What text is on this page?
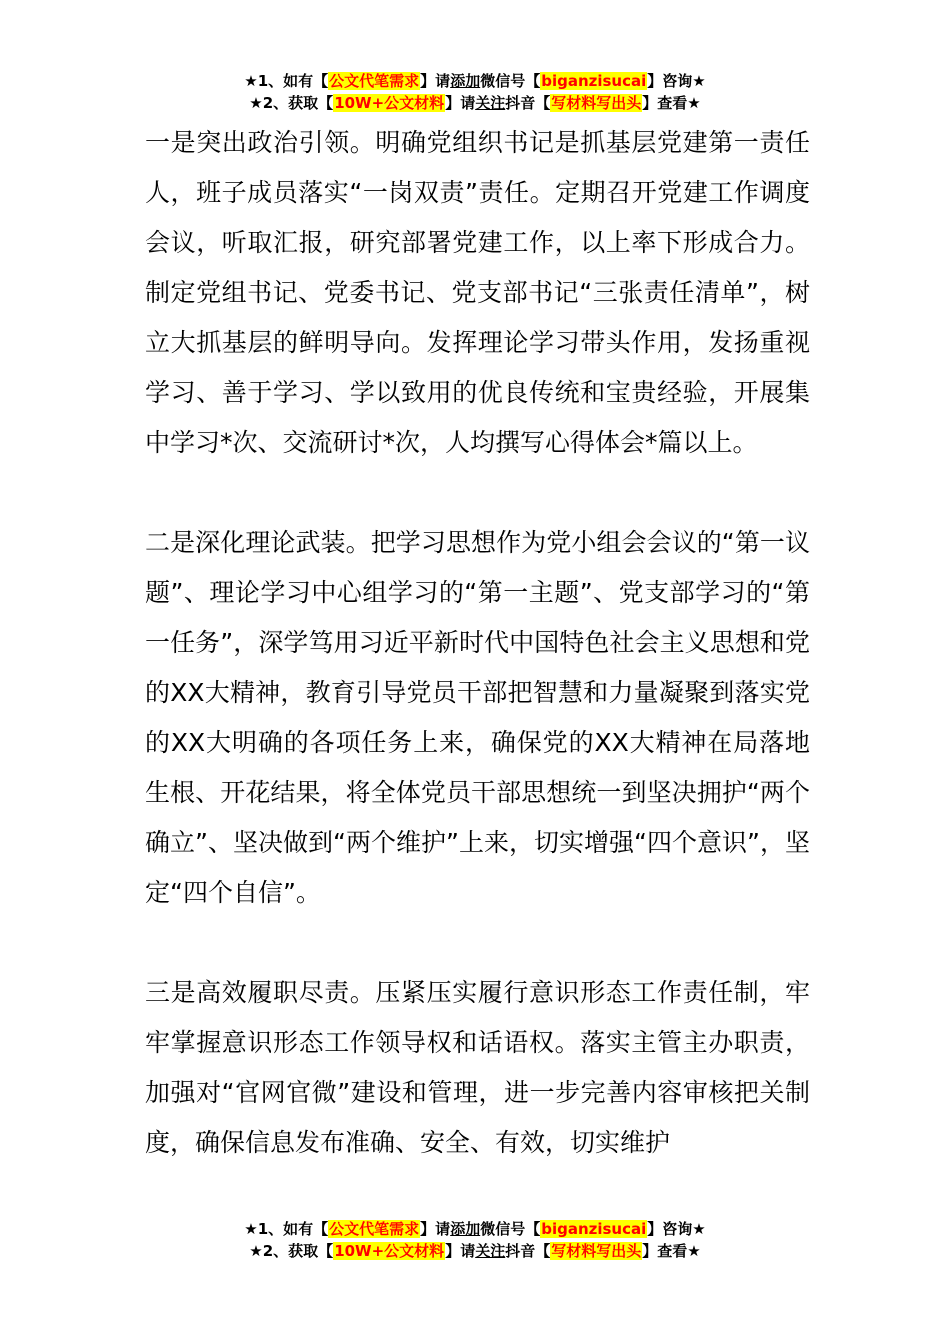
★1、如有【公文代笔需求】请添加微信号【biganzisucai】咨询★
★2、获取【10W+公文材料】请关注抖音【写材料写出头】查看★

一是突出政治引领。明确党组织书记是抓基层党建第一责任人，班子成员落实“一岗双责”责任。定期召开党建工作调度会议，听取汇报，研究部署党建工作，以上率下形成合力。制定党组书记、党委书记、党支部书记“三张责任清单”，树立大抓基层的鲜明导向。发挥理论学习带头作用，发扬重视学习、善于学习、学以致用的优良传统和宝贵经验，开展集中学习*次、交流研讨*次，人均撰写心得体会*篇以上。

二是深化理论武装。把学习思想作为党小组会会议的“第一议题”、理论学习中心组学习的“第一主题”、党支部学习的“第一任务”，深学笃用习近平新时代中国特色社会主义思想和党的XX大精神，教育引导党员干部把智慧和力量凝聚到落实党的XX大明确的各项任务上来，确保党的XX大精神在局落地生根、开花结果，将全体党员干部思想统一到坚决拥护“两个确立”、坚决做到“两个维护”上来，切实增强“四个意识”，坚定“四个自信”。

三是高效履职尽责。压紧压实履行意识形态工作责任制，牢牢掌握意识形态工作领导权和话语权。落实主管主办职责，加强对“官网官微”建设和管理，进一步完善内容审核把关制度，确保信息发布准确、安全、有效，切实维护

★1、如有【公文代笔需求】请添加微信号【biganzisucai】咨询★
★2、获取【10W+公文材料】请关注抖音【写材料写出头】查看★
